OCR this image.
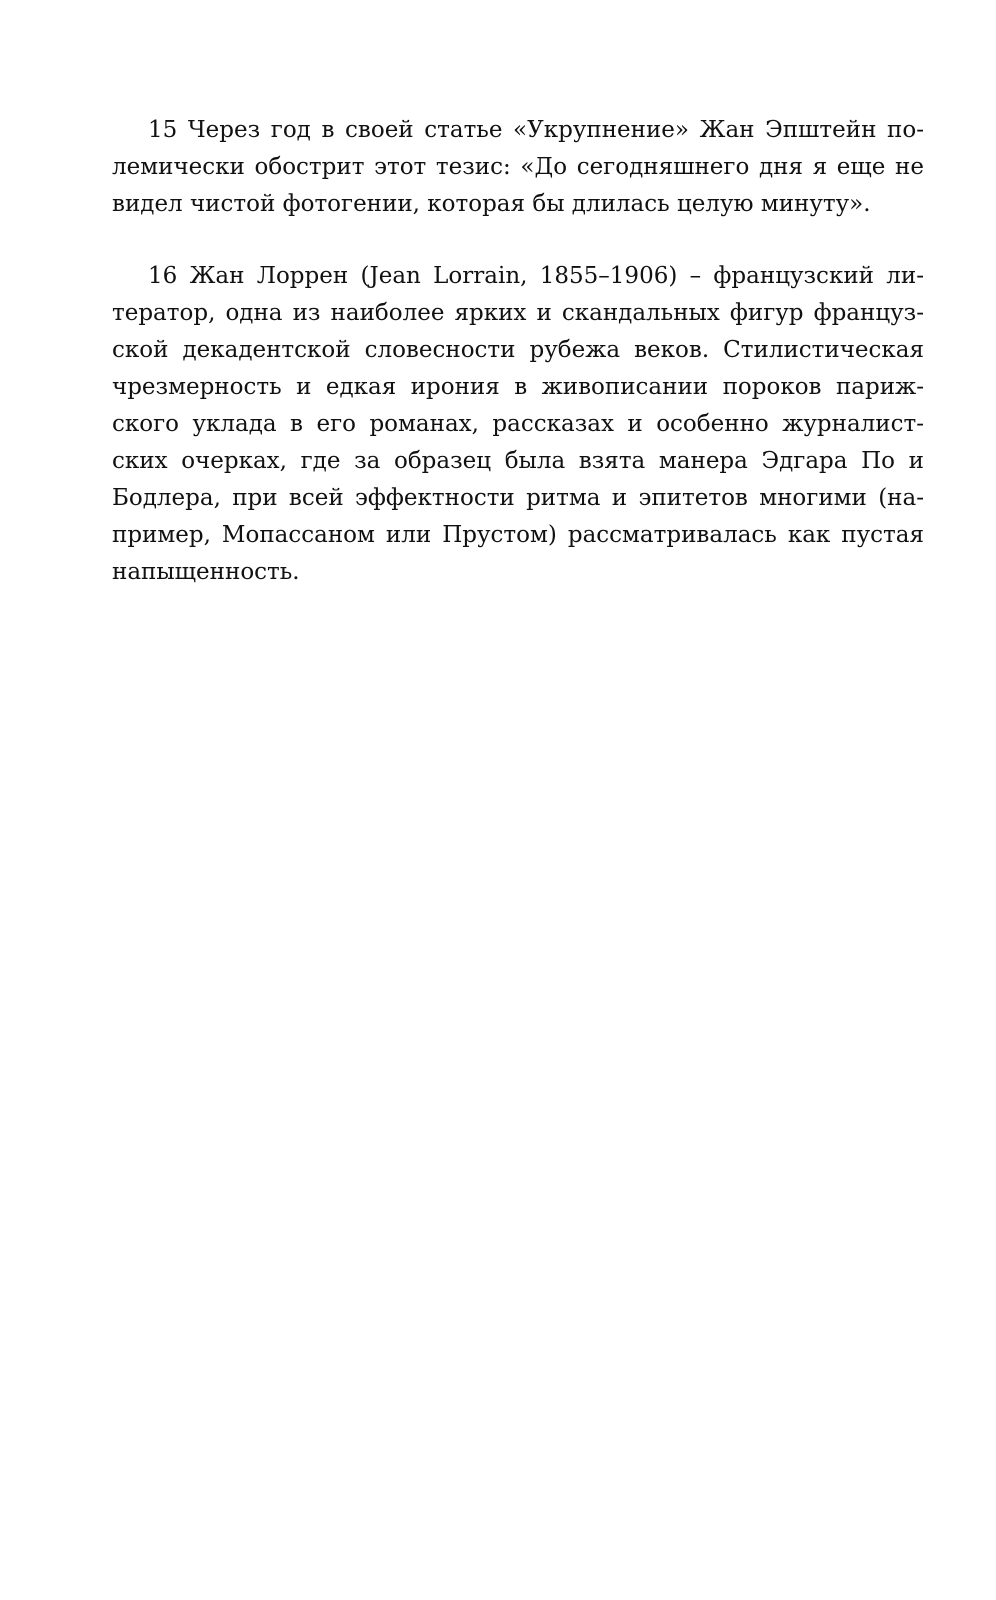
15 Через год в своей статье «Укрупнение» Жан Эпштейн по-
лемически обострит этот тезис: «До сегодняшнего дня я еще не
видел чистой фотогении, которая бы длилась целую минуту».
16 Жан Лоррен (Jean Lorrain, 1855–1906) – французский ли-
тератор, одна из наиболее ярких и скандальных фигур француз-
ской декадентской словесности рубежа веков. Стилистическая
чрезмерность и едкая ирония в живописании пороков париж-
ского уклада в его романах, рассказах и особенно журналист-
ских очерках, где за образец была взята манера Эдгара По и
Бодлера, при всей эффектности ритма и эпитетов многими (на-
пример, Мопассаном или Прустом) рассматривалась как пустая
напыщенность.
